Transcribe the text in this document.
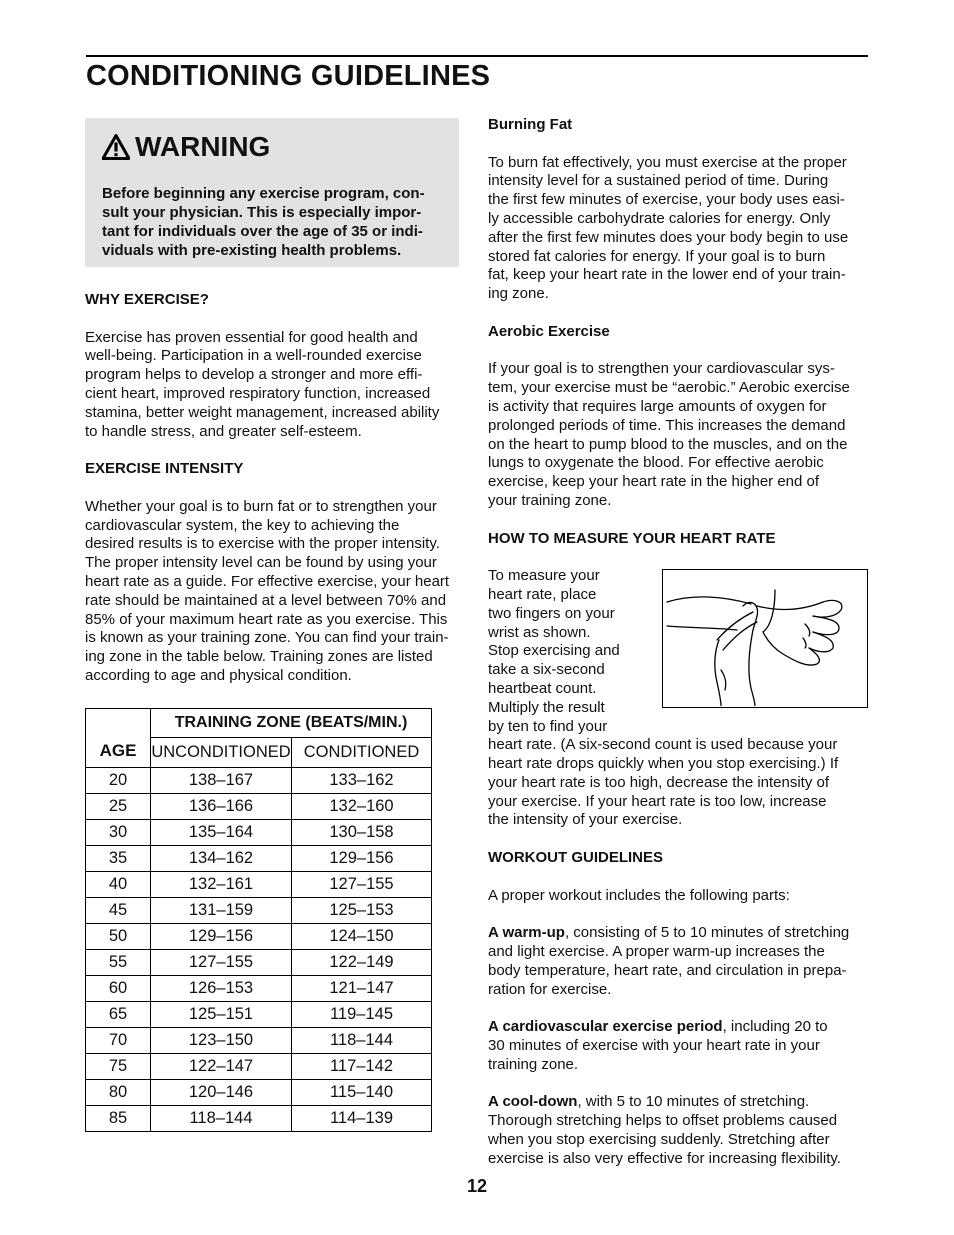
CONDITIONING GUIDELINES
WARNING
Before beginning any exercise program, con-
sult your physician. This is especially impor-
tant for individuals over the age of 35 or indi-
viduals with pre-existing health problems.
WHY EXERCISE?
Exercise has proven essential for good health and
well-being. Participation in a well-rounded exercise
program helps to develop a stronger and more effi-
cient heart, improved respiratory function, increased
stamina, better weight management, increased ability
to handle stress, and greater self-esteem.
EXERCISE INTENSITY
Whether your goal is to burn fat or to strengthen your
cardiovascular system, the key to achieving the
desired results is to exercise with the proper intensity.
The proper intensity level can be found by using your
heart rate as a guide. For effective exercise, your heart
rate should be maintained at a level between 70% and
85% of your maximum heart rate as you exercise. This
is known as your training zone. You can find your train-
ing zone in the table below. Training zones are listed
according to age and physical condition.
AGE	TRAINING ZONE (BEATS/MIN.)	
	UNCONDITIONED	CONDITIONED
20	138–167	133–162
25	136–166	132–160
30	135–164	130–158
35	134–162	129–156
40	132–161	127–155
45	131–159	125–153
50	129–156	124–150
55	127–155	122–149
60	126–153	121–147
65	125–151	119–145
70	123–150	118–144
75	122–147	117–142
80	120–146	115–140
85	118–144	114–139
Burning Fat
To burn fat effectively, you must exercise at the proper
intensity level for a sustained period of time. During
the first few minutes of exercise, your body uses easi-
ly accessible carbohydrate calories for energy. Only
after the first few minutes does your body begin to use
stored fat calories for energy. If your goal is to burn
fat, keep your heart rate in the lower end of your train-
ing zone.
Aerobic Exercise
If your goal is to strengthen your cardiovascular sys-
tem, your exercise must be “aerobic.” Aerobic exercise
is activity that requires large amounts of oxygen for
prolonged periods of time. This increases the demand
on the heart to pump blood to the muscles, and on the
lungs to oxygenate the blood. For effective aerobic
exercise, keep your heart rate in the higher end of
your training zone.
HOW TO MEASURE YOUR HEART RATE
To measure your
heart rate, place
two fingers on your
wrist as shown.
Stop exercising and
take a six-second
heartbeat count.
Multiply the result
by ten to find your
heart rate. (A six-second count is used because your
heart rate drops quickly when you stop exercising.) If
your heart rate is too high, decrease the intensity of
your exercise. If your heart rate is too low, increase
the intensity of your exercise.
WORKOUT GUIDELINES
A proper workout includes the following parts:
A warm-up, consisting of 5 to 10 minutes of stretching
and light exercise. A proper warm-up increases the
body temperature, heart rate, and circulation in prepa-
ration for exercise.
A cardiovascular exercise period, including 20 to
30 minutes of exercise with your heart rate in your
training zone.
A cool-down, with 5 to 10 minutes of stretching.
Thorough stretching helps to offset problems caused
when you stop exercising suddenly. Stretching after
exercise is also very effective for increasing flexibility.
12
